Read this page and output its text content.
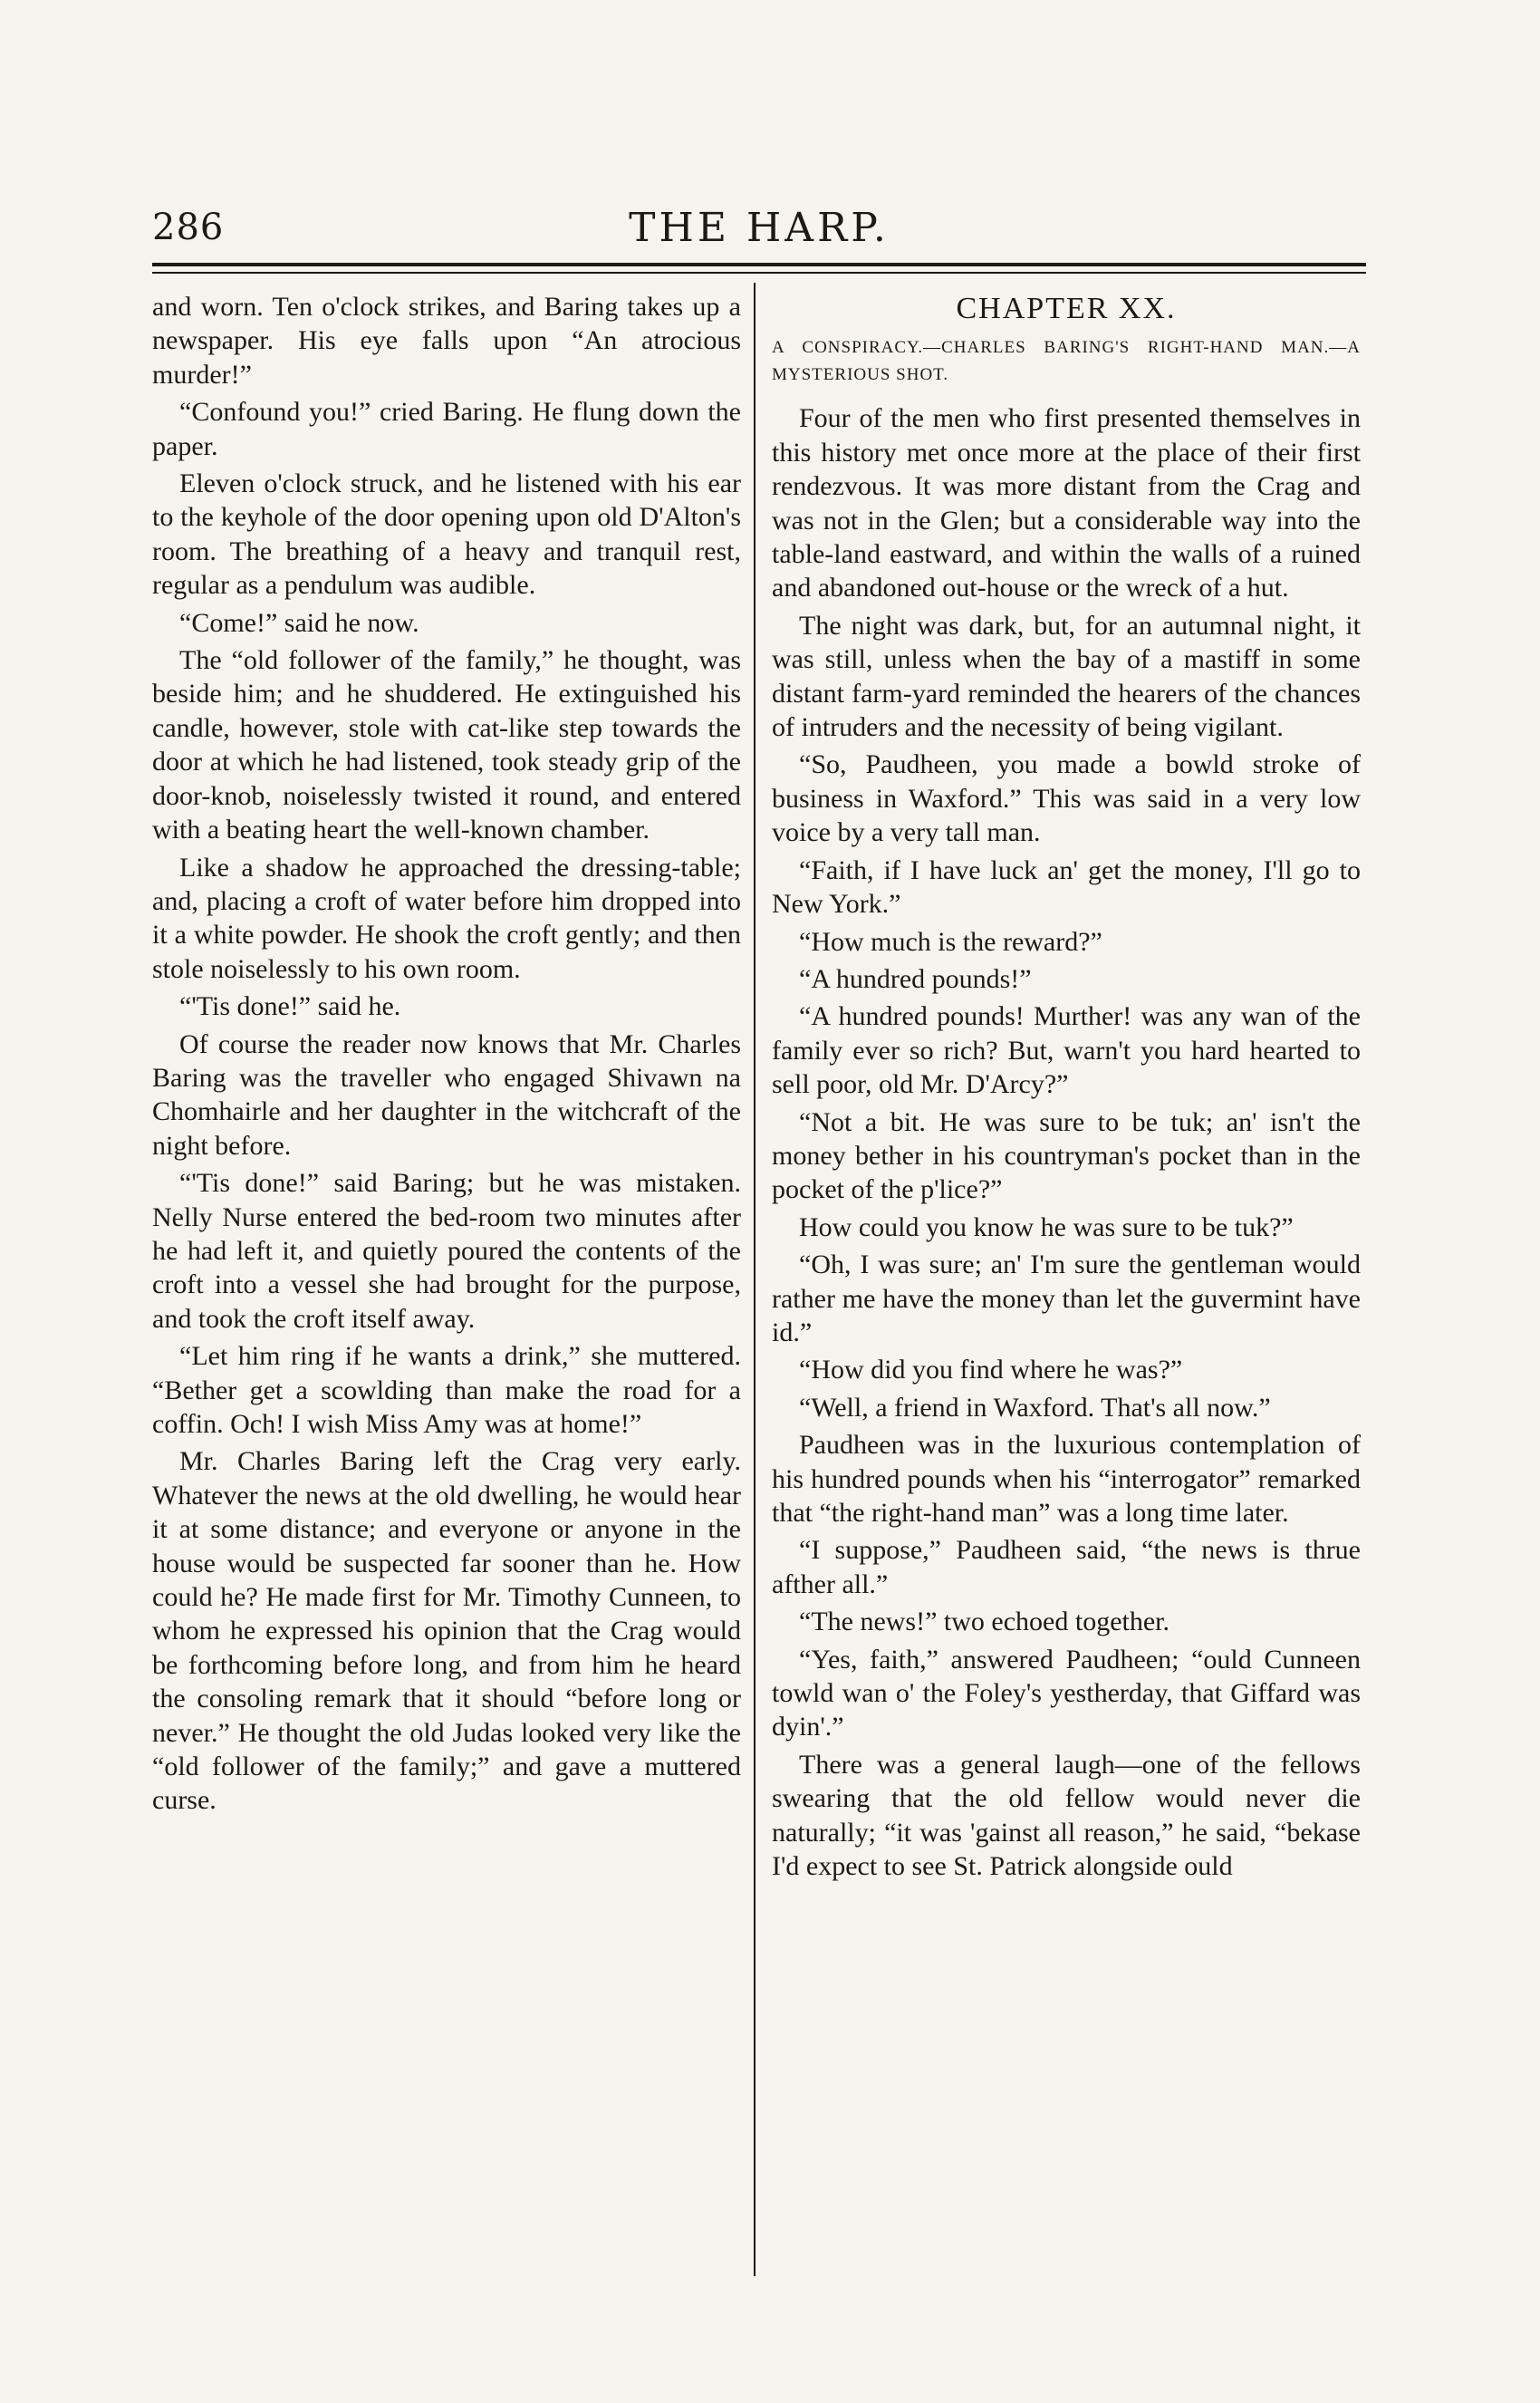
286	THE HARP.

and worn. Ten o'clock strikes, and Baring takes up a newspaper. His eye falls upon “An atrocious murder!”

“Confound you!” cried Baring. He flung down the paper.

Eleven o'clock struck, and he listened with his ear to the keyhole of the door opening upon old D'Alton's room. The breathing of a heavy and tranquil rest, regular as a pendulum was audible.

“Come!” said he now.

The “old follower of the family,” he thought, was beside him; and he shuddered. He extinguished his candle, however, stole with cat-like step towards the door at which he had listened, took steady grip of the door-knob, noiselessly twisted it round, and entered with a beating heart the well-known chamber.

Like a shadow he approached the dressing-table; and, placing a croft of water before him dropped into it a white powder. He shook the croft gently; and then stole noiselessly to his own room.

“'Tis done!” said he.

Of course the reader now knows that Mr. Charles Baring was the traveller who engaged Shivawn na Chomhairle and her daughter in the witchcraft of the night before.

“'Tis done!” said Baring; but he was mistaken. Nelly Nurse entered the bed-room two minutes after he had left it, and quietly poured the contents of the croft into a vessel she had brought for the purpose, and took the croft itself away.

“Let him ring if he wants a drink,” she muttered. “Bether get a scowlding than make the road for a coffin. Och! I wish Miss Amy was at home!”

Mr. Charles Baring left the Crag very early. Whatever the news at the old dwelling, he would hear it at some distance; and everyone or anyone in the house would be suspected far sooner than he. How could he? He made first for Mr. Timothy Cunneen, to whom he expressed his opinion that the Crag would be forthcoming before long, and from him he heard the consoling remark that it should “before long or never.” He thought the old Judas looked very like the “old follower of the family;” and gave a muttered curse.

CHAPTER XX.
A CONSPIRACY.—CHARLES BARING'S RIGHT-HAND MAN.—A MYSTERIOUS SHOT.

Four of the men who first presented themselves in this history met once more at the place of their first rendezvous. It was more distant from the Crag and was not in the Glen; but a considerable way into the table-land eastward, and within the walls of a ruined and abandoned out-house or the wreck of a hut.

The night was dark, but, for an autumnal night, it was still, unless when the bay of a mastiff in some distant farm-yard reminded the hearers of the chances of intruders and the necessity of being vigilant.

“So, Paudheen, you made a bowld stroke of business in Waxford.” This was said in a very low voice by a very tall man.

“Faith, if I have luck an' get the money, I'll go to New York.”

“How much is the reward?”

“A hundred pounds!”

“A hundred pounds! Murther! was any wan of the family ever so rich? But, warn't you hard hearted to sell poor, old Mr. D'Arcy?”

“Not a bit. He was sure to be tuk; an' isn't the money bether in his countryman's pocket than in the pocket of the p'lice?”

How could you know he was sure to be tuk?”

“Oh, I was sure; an' I'm sure the gentleman would rather me have the money than let the guvermint have id.”

“How did you find where he was?”

“Well, a friend in Waxford. That's all now.”

Paudheen was in the luxurious contemplation of his hundred pounds when his “interrogator” remarked that “the right-hand man” was a long time later.

“I suppose,” Paudheen said, “the news is thrue afther all.”

“The news!” two echoed together.

“Yes, faith,” answered Paudheen; “ould Cunneen towld wan o' the Foley's yestherday, that Giffard was dyin'.”

There was a general laugh—one of the fellows swearing that the old fellow would never die naturally; “it was 'gainst all reason,” he said, “bekase I'd expect to see St. Patrick alongside ould
